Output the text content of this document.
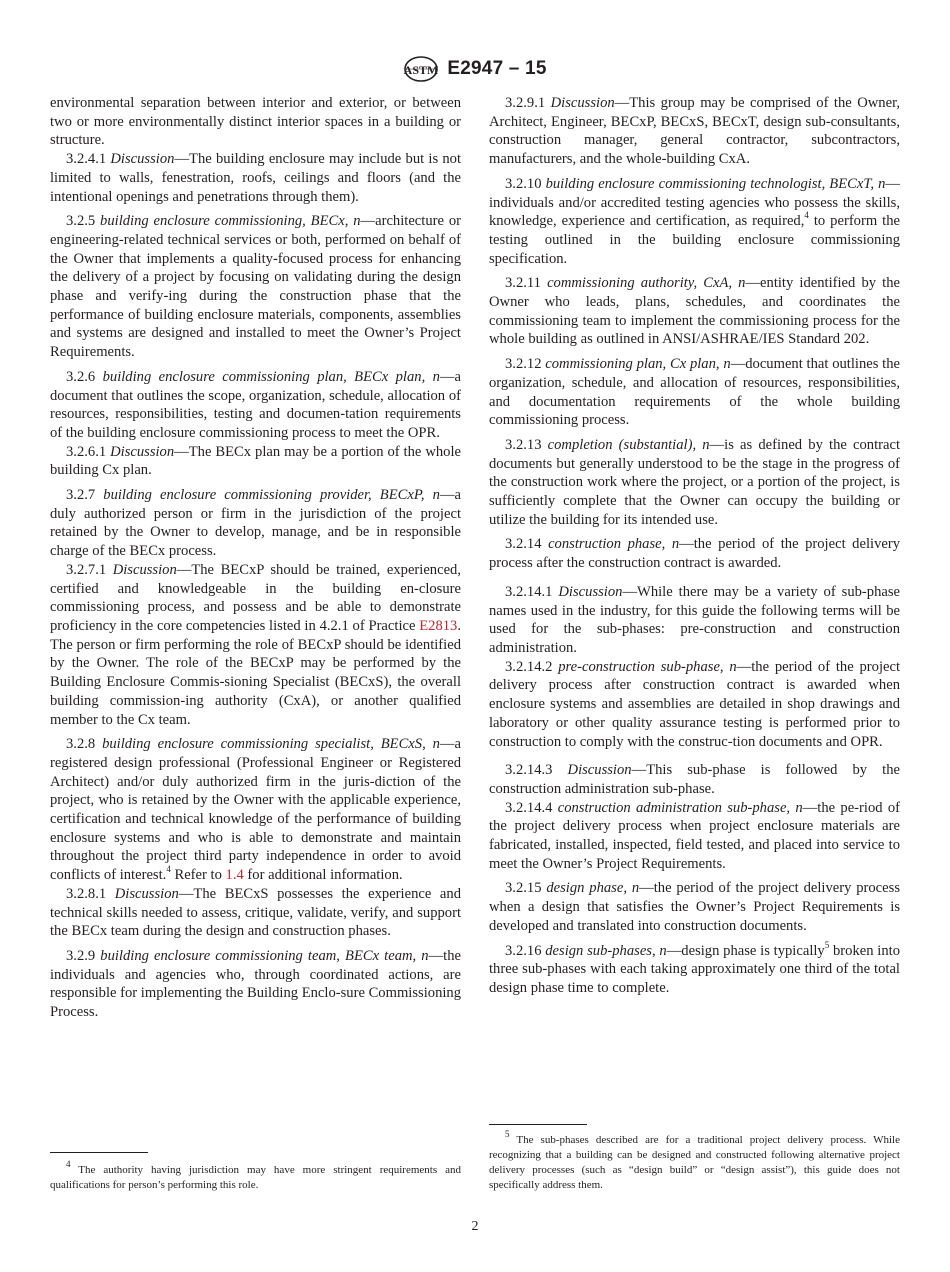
ASTM E2947 – 15

environmental separation between interior and exterior, or between two or more environmentally distinct interior spaces in a building or structure.

3.2.4.1 Discussion—The building enclosure may include but is not limited to walls, fenestration, roofs, ceilings and floors (and the intentional openings and penetrations through them).

3.2.5 building enclosure commissioning, BECx, n—architecture or engineering-related technical services or both, performed on behalf of the Owner that implements a quality-focused process for enhancing the delivery of a project by focusing on validating during the design phase and verify-ing during the construction phase that the performance of building enclosure materials, components, assemblies and systems are designed and installed to meet the Owner’s Project Requirements.

3.2.6 building enclosure commissioning plan, BECx plan, n—a document that outlines the scope, organization, schedule, allocation of resources, responsibilities, testing and documen-tation requirements of the building enclosure commissioning process to meet the OPR.

3.2.6.1 Discussion—The BECx plan may be a portion of the whole building Cx plan.

3.2.7 building enclosure commissioning provider, BECxP, n—a duly authorized person or firm in the jurisdiction of the project retained by the Owner to develop, manage, and be in responsible charge of the BECx process.

3.2.7.1 Discussion—The BECxP should be trained, experienced, certified and knowledgeable in the building en-closure commissioning process, and possess and be able to demonstrate proficiency in the core competencies listed in 4.2.1 of Practice E2813. The person or firm performing the role of BECxP should be identified by the Owner. The role of the BECxP may be performed by the Building Enclosure Commis-sioning Specialist (BECxS), the overall building commission-ing authority (CxA), or another qualified member to the Cx team.

3.2.8 building enclosure commissioning specialist, BECxS, n—a registered design professional (Professional Engineer or Registered Architect) and/or duly authorized firm in the juris-diction of the project, who is retained by the Owner with the applicable experience, certification and technical knowledge of the performance of building enclosure systems and who is able to demonstrate and maintain throughout the project third party independence in order to avoid conflicts of interest.$^4$ Refer to 1.4 for additional information.

3.2.8.1 Discussion—The BECxS possesses the experience and technical skills needed to assess, critique, validate, verify, and support the BECx team during the design and construction phases.

3.2.9 building enclosure commissioning team, BECx team, n—the individuals and agencies who, through coordinated actions, are responsible for implementing the Building Enclo-sure Commissioning Process.

3.2.9.1 Discussion—This group may be comprised of the Owner, Architect, Engineer, BECxP, BECxS, BECxT, design sub-consultants, construction manager, general contractor, subcontractors, manufacturers, and the whole-building CxA.

3.2.10 building enclosure commissioning technologist, BECxT, n—individuals and/or accredited testing agencies who possess the skills, knowledge, experience and certification, as required,$^4$ to perform the testing outlined in the building enclosure commissioning specification.

3.2.11 commissioning authority, CxA, n—entity identified by the Owner who leads, plans, schedules, and coordinates the commissioning team to implement the commissioning process for the whole building as outlined in ANSI/ASHRAE/IES Standard 202.

3.2.12 commissioning plan, Cx plan, n—document that outlines the organization, schedule, and allocation of resources, responsibilities, and documentation requirements of the whole building commissioning process.

3.2.13 completion (substantial), n—is as defined by the contract documents but generally understood to be the stage in the progress of the construction work where the project, or a portion of the project, is sufficiently complete that the Owner can occupy the building or utilize the building for its intended use.

3.2.14 construction phase, n—the period of the project delivery process after the construction contract is awarded.

3.2.14.1 Discussion—While there may be a variety of sub-phase names used in the industry, for this guide the following terms will be used for the sub-phases: pre-construction and construction administration.

3.2.14.2 pre-construction sub-phase, n—the period of the project delivery process after construction contract is awarded when enclosure systems and assemblies are detailed in shop drawings and laboratory or other quality assurance testing is performed prior to construction to comply with the construc-tion documents and OPR.

3.2.14.3 Discussion—This sub-phase is followed by the construction administration sub-phase.

3.2.14.4 construction administration sub-phase, n—the pe-riod of the project delivery process when project enclosure materials are fabricated, installed, inspected, field tested, and placed into service to meet the Owner’s Project Requirements.

3.2.15 design phase, n—the period of the project delivery process when a design that satisfies the Owner’s Project Requirements is developed and translated into construction documents.

3.2.16 design sub-phases, n—design phase is typically$^5$ broken into three sub-phases with each taking approximately one third of the total design phase time to complete.

$^4$ The authority having jurisdiction may have more stringent requirements and qualifications for person’s performing this role.

$^5$ The sub-phases described are for a traditional project delivery process. While recognizing that a building can be designed and constructed following alternative project delivery processes (such as “design build” or “design assist”), this guide does not specifically address them.

2
